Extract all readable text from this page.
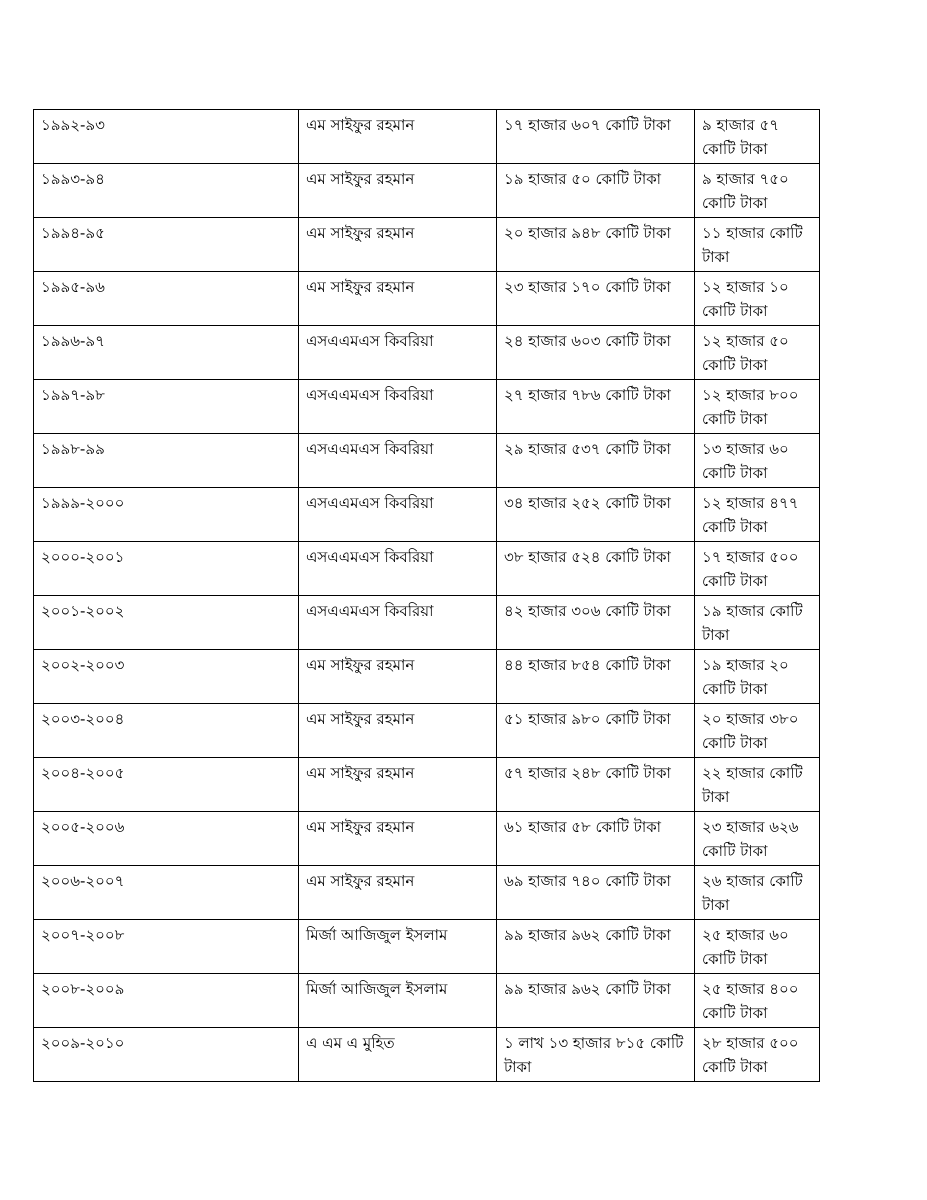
১৯৯২-৯৩	এম সাইফুর রহমান	১৭ হাজার ৬০৭ কোটি টাকা	৯ হাজার ৫৭ কোটি টাকা
১৯৯৩-৯৪	এম সাইফুর রহমান	১৯ হাজার ৫০ কোটি টাকা	৯ হাজার ৭৫০ কোটি টাকা
১৯৯৪-৯৫	এম সাইফুর রহমান	২০ হাজার ৯৪৮ কোটি টাকা	১১ হাজার কোটি টাকা
১৯৯৫-৯৬	এম সাইফুর রহমান	২৩ হাজার ১৭০ কোটি টাকা	১২ হাজার ১০ কোটি টাকা
১৯৯৬-৯৭	এসএএমএস কিবরিয়া	২৪ হাজার ৬০৩ কোটি টাকা	১২ হাজার ৫০ কোটি টাকা
১৯৯৭-৯৮	এসএএমএস কিবরিয়া	২৭ হাজার ৭৮৬ কোটি টাকা	১২ হাজার ৮০০ কোটি টাকা
১৯৯৮-৯৯	এসএএমএস কিবরিয়া	২৯ হাজার ৫৩৭ কোটি টাকা	১৩ হাজার ৬০ কোটি টাকা
১৯৯৯-২০০০	এসএএমএস কিবরিয়া	৩৪ হাজার ২৫২ কোটি টাকা	১২ হাজার ৪৭৭ কোটি টাকা
২০০০-২০০১	এসএএমএস কিবরিয়া	৩৮ হাজার ৫২৪ কোটি টাকা	১৭ হাজার ৫০০ কোটি টাকা
২০০১-২০০২	এসএএমএস কিবরিয়া	৪২ হাজার ৩০৬ কোটি টাকা	১৯ হাজার কোটি টাকা
২০০২-২০০৩	এম সাইফুর রহমান	৪৪ হাজার ৮৫৪ কোটি টাকা	১৯ হাজার ২০ কোটি টাকা
২০০৩-২০০৪	এম সাইফুর রহমান	৫১ হাজার ৯৮০ কোটি টাকা	২০ হাজার ৩৮০ কোটি টাকা
২০০৪-২০০৫	এম সাইফুর রহমান	৫৭ হাজার ২৪৮ কোটি টাকা	২২ হাজার কোটি টাকা
২০০৫-২০০৬	এম সাইফুর রহমান	৬১ হাজার ৫৮ কোটি টাকা	২৩ হাজার ৬২৬ কোটি টাকা
২০০৬-২০০৭	এম সাইফুর রহমান	৬৯ হাজার ৭৪০ কোটি টাকা	২৬ হাজার কোটি টাকা
২০০৭-২০০৮	মির্জা আজিজুল ইসলাম	৯৯ হাজার ৯৬২ কোটি টাকা	২৫ হাজার ৬০ কোটি টাকা
২০০৮-২০০৯	মির্জা আজিজুল ইসলাম	৯৯ হাজার ৯৬২ কোটি টাকা	২৫ হাজার ৪০০ কোটি টাকা
২০০৯-২০১০	এ এম এ মুহিত	১ লাখ ১৩ হাজার ৮১৫ কোটি টাকা	২৮ হাজার ৫০০ কোটি টাকা
